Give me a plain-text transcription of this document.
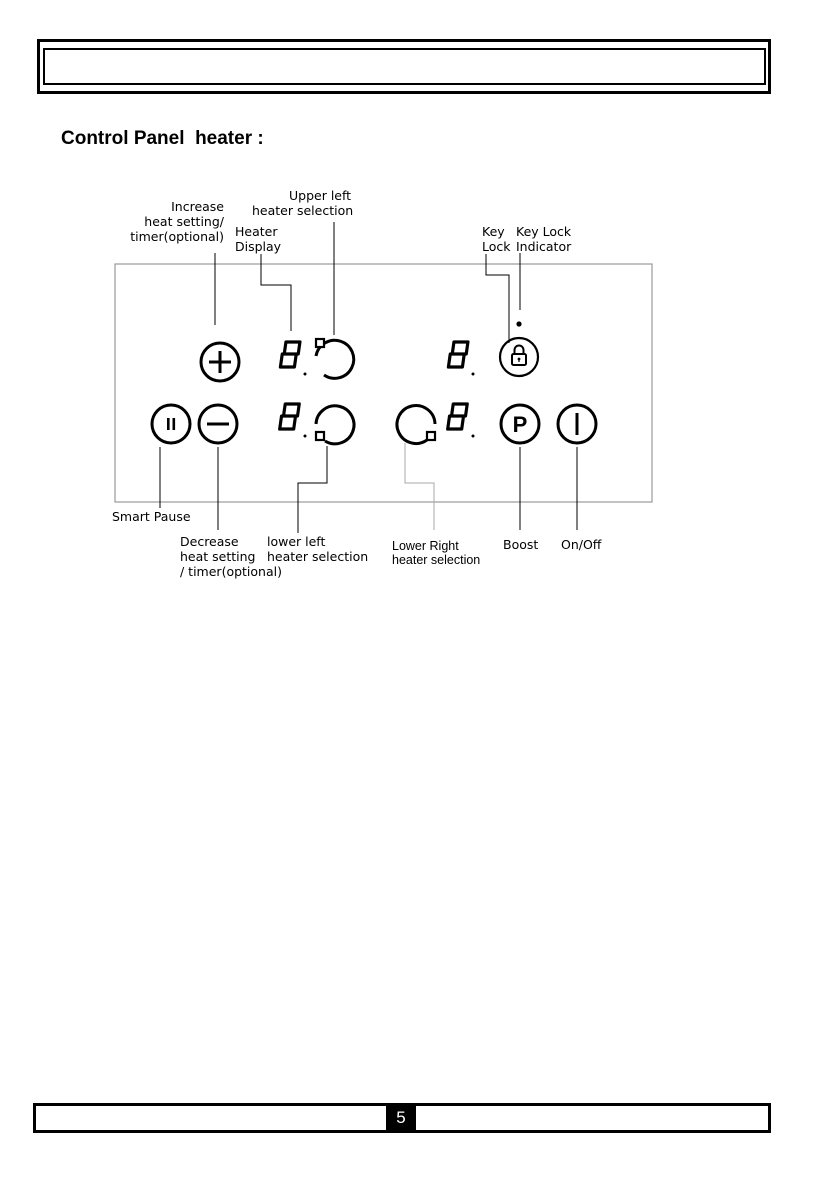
Control Panel  heater :
P
Increase
heat setting/
timer(optional)
Upper left
heater selection
Heater
Display
Key
Lock
Key Lock
Indicator
Smart Pause
Decrease
heat setting
/ timer(optional)
lower left
heater selection
Lower Right
heater selection
Boost On/Off
5
